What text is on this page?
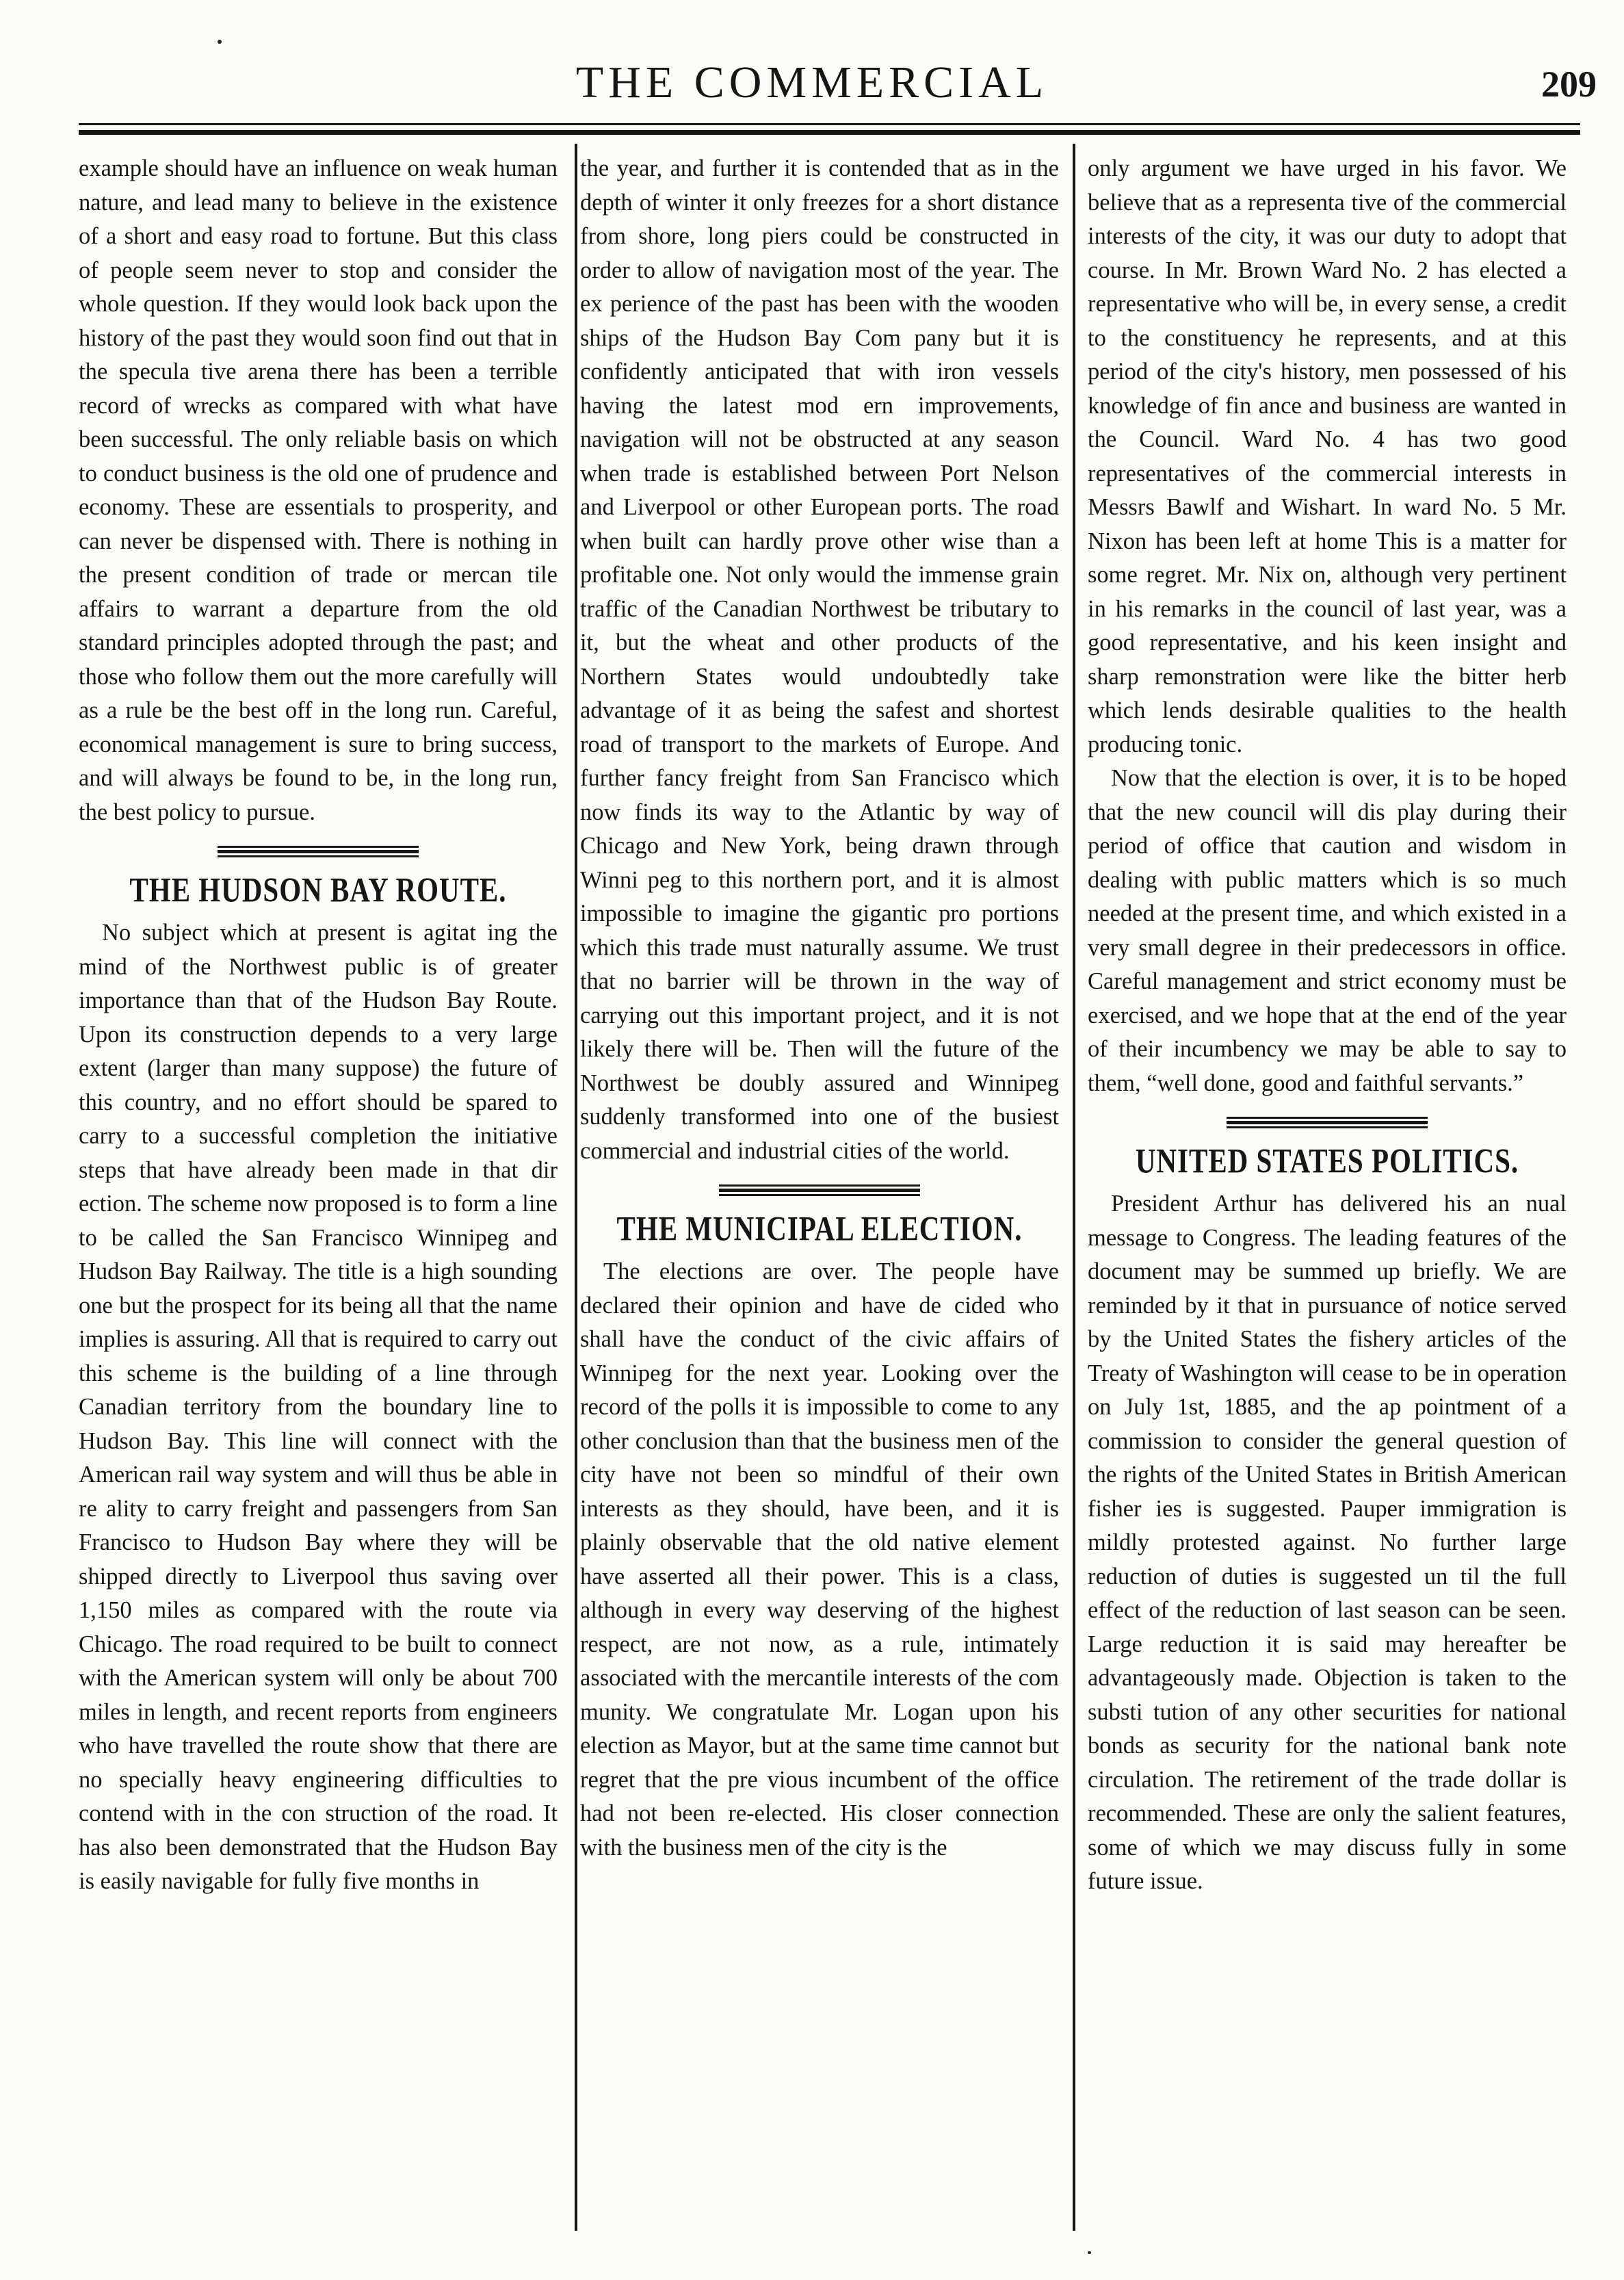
THE COMMERCIAL	209

example should have an influence on weak human nature, and lead many to believe in the existence of a short and easy road to fortune. But this class of people seem never to stop and consider the whole question. If they would look back upon the history of the past they would soon find out that in the specula tive arena there has been a terrible record of wrecks as compared with what have been successful. The only reliable basis on which to conduct business is the old one of prudence and economy. These are essentials to prosperity, and can never be dispensed with. There is nothing in the present condition of trade or mercan tile affairs to warrant a departure from the old standard principles adopted through the past; and those who follow them out the more carefully will as a rule be the best off in the long run. Careful, economical management is sure to bring success, and will always be found to be, in the long run, the best policy to pursue.

THE HUDSON BAY ROUTE.

No subject which at present is agitat ing the mind of the Northwest public is of greater importance than that of the Hudson Bay Route. Upon its construction depends to a very large extent (larger than many suppose) the future of this country, and no effort should be spared to carry to a successful completion the initiative steps that have already been made in that dir ection. The scheme now proposed is to form a line to be called the San Francisco Winnipeg and Hudson Bay Railway. The title is a high sounding one but the prospect for its being all that the name implies is assuring. All that is required to carry out this scheme is the building of a line through Canadian territory from the boundary line to Hudson Bay. This line will connect with the American rail way system and will thus be able in re ality to carry freight and passengers from San Francisco to Hudson Bay where they will be shipped directly to Liverpool thus saving over 1,150 miles as compared with the route via Chicago. The road required to be built to connect with the American system will only be about 700 miles in length, and recent reports from engineers who have travelled the route show that there are no specially heavy engineering difficulties to contend with in the con struction of the road. It has also been demonstrated that the Hudson Bay is easily navigable for fully five months in

the year, and further it is contended that as in the depth of winter it only freezes for a short distance from shore, long piers could be constructed in order to allow of navigation most of the year. The ex perience of the past has been with the wooden ships of the Hudson Bay Com pany but it is confidently anticipated that with iron vessels having the latest mod ern improvements, navigation will not be obstructed at any season when trade is established between Port Nelson and Liverpool or other European ports. The road when built can hardly prove other wise than a profitable one. Not only would the immense grain traffic of the Canadian Northwest be tributary to it, but the wheat and other products of the Northern States would undoubtedly take advantage of it as being the safest and shortest road of transport to the markets of Europe. And further fancy freight from San Francisco which now finds its way to the Atlantic by way of Chicago and New York, being drawn through Winni peg to this northern port, and it is almost impossible to imagine the gigantic pro portions which this trade must naturally assume. We trust that no barrier will be thrown in the way of carrying out this important project, and it is not likely there will be. Then will the future of the Northwest be doubly assured and Winnipeg suddenly transformed into one of the busiest commercial and industrial cities of the world.

THE MUNICIPAL ELECTION.

The elections are over. The people have declared their opinion and have de cided who shall have the conduct of the civic affairs of Winnipeg for the next year. Looking over the record of the polls it is impossible to come to any other conclusion than that the business men of the city have not been so mindful of their own interests as they should, have been, and it is plainly observable that the old native element have asserted all their power. This is a class, although in every way deserving of the highest respect, are not now, as a rule, intimately associated with the mercantile interests of the com munity. We congratulate Mr. Logan upon his election as Mayor, but at the same time cannot but regret that the pre vious incumbent of the office had not been re-elected. His closer connection with the business men of the city is the

only argument we have urged in his favor. We believe that as a representa tive of the commercial interests of the city, it was our duty to adopt that course. In Mr. Brown Ward No. 2 has elected a representative who will be, in every sense, a credit to the constituency he represents, and at this period of the city's history, men possessed of his knowledge of fin ance and business are wanted in the Council. Ward No. 4 has two good representatives of the commercial interests in Messrs Bawlf and Wishart. In ward No. 5 Mr. Nixon has been left at home This is a matter for some regret. Mr. Nix on, although very pertinent in his remarks in the council of last year, was a good representative, and his keen insight and sharp remonstration were like the bitter herb which lends desirable qualities to the health producing tonic.

Now that the election is over, it is to be hoped that the new council will dis play during their period of office that caution and wisdom in dealing with public matters which is so much needed at the present time, and which existed in a very small degree in their predecessors in office. Careful management and strict economy must be exercised, and we hope that at the end of the year of their incumbency we may be able to say to them, “well done, good and faithful servants.”

UNITED STATES POLITICS.

President Arthur has delivered his an nual message to Congress. The leading features of the document may be summed up briefly. We are reminded by it that in pursuance of notice served by the United States the fishery articles of the Treaty of Washington will cease to be in operation on July 1st, 1885, and the ap pointment of a commission to consider the general question of the rights of the United States in British American fisher ies is suggested. Pauper immigration is mildly protested against. No further large reduction of duties is suggested un til the full effect of the reduction of last season can be seen. Large reduction it is said may hereafter be advantageously made. Objection is taken to the substi tution of any other securities for national bonds as security for the national bank note circulation. The retirement of the trade dollar is recommended. These are only the salient features, some of which we may discuss fully in some future issue.
